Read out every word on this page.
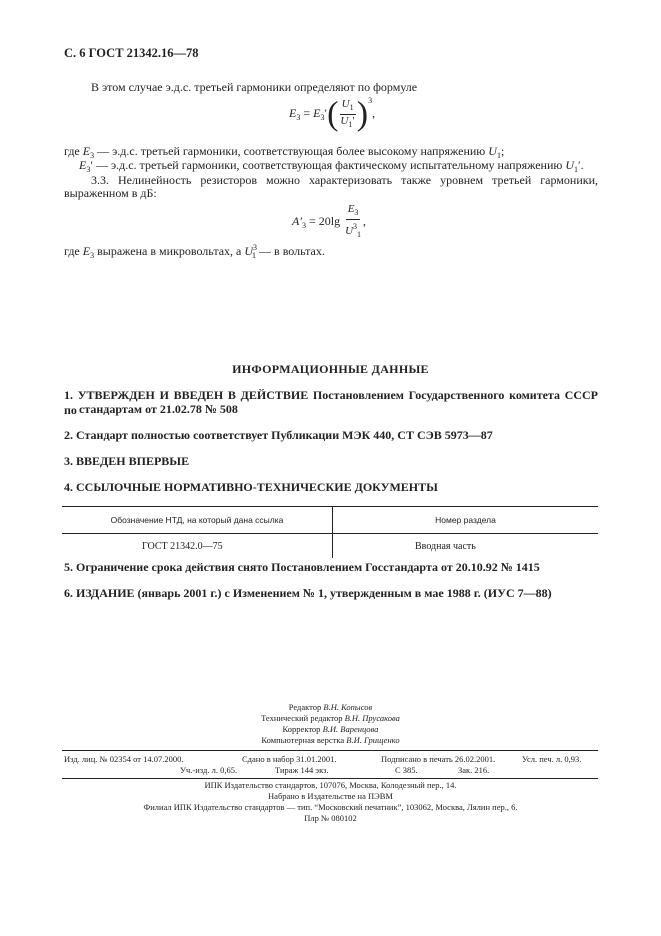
С. 6 ГОСТ 21342.16—78
В этом случае э.д.с. третьей гармоники определяют по формуле
$E_3 = E_3'( \frac{U_1}{U_1'} )^3$,
где $E_3$ — э.д.с. третьей гармоники, соответствующая более высокому напряжению $U_1$;
$E_3'$ — э.д.с. третьей гармоники, соответствующая фактическому испытательному напряжению $U_1'$.
3.3. Нелинейность резисторов можно характеризовать также уровнем третьей гармоники,
выраженном в дБ:
$A'_3 = 20\lg \frac{E_3}{U^3_1}$ ,
где $E_3$ выражена в микровольтах, а $U^3_1$ — в вольтах.
ИНФОРМАЦИОННЫЕ ДАННЫЕ
1. УТВЕРЖДЕН И ВВЕДЕН В ДЕЙСТВИЕ Постановлением Государственного комитета СССР по стандартам от 21.02.78 № 508
2. Стандарт полностью соответствует Публикации МЭК 440, СТ СЭВ 5973—87
3. ВВЕДЕН ВПЕРВЫЕ
4. ССЫЛОЧНЫЕ НОРМАТИВНО-ТЕХНИЧЕСКИЕ ДОКУМЕНТЫ
Обозначение НТД, на который дана ссылка	Номер раздела
ГОСТ 21342.0—75	Вводная часть
5. Ограничение срока действия снято Постановлением Госстандарта от 20.10.92 № 1415
6. ИЗДАНИЕ (январь 2001 г.) с Изменением № 1, утвержденным в мае 1988 г. (ИУС 7—88)
Редактор В.Н. Копысов
Технический редактор В.Н. Прусакова
Корректор В.И. Варенцова
Компьютерная верстка В.И. Грищенко
Изд. лиц. № 02354 от 14.07.2000.	Сдано в набор 31.01.2001.	Подписано в печать 26.02.2001.	Усл. печ. л. 0,93.
Уч.-изд. л. 0,65.	Тираж 144 экз.	С 385.	Зак. 216.
ИПК Издательство стандартов, 107076, Москва, Колодезный пер., 14.
Набрано в Издательстве на ПЭВМ
Филиал ИПК Издательство стандартов — тип. “Московский печатник”, 103062, Москва, Лялин пер., 6.
Плр № 080102
